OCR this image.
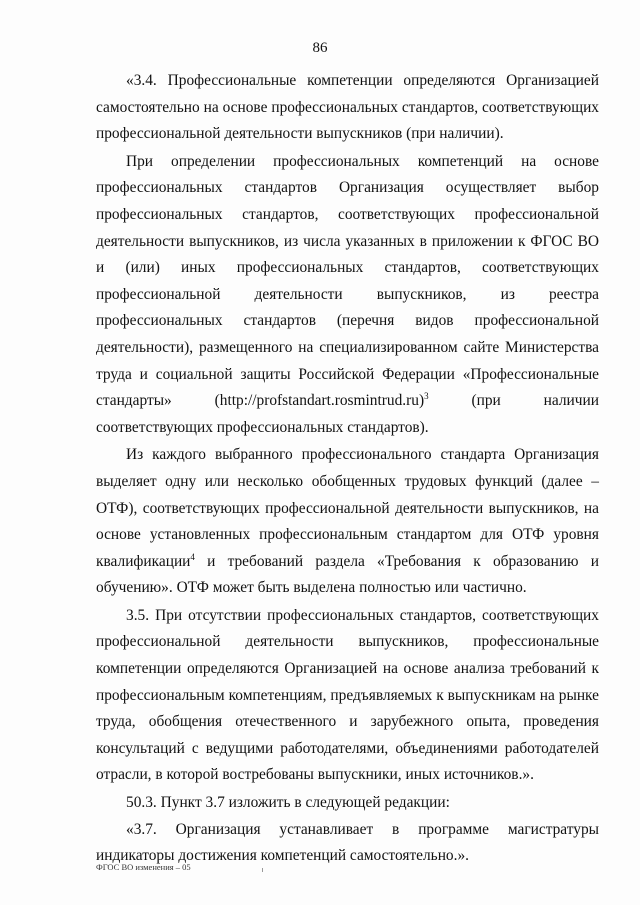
86

«3.4. Профессиональные компетенции определяются Организацией самостоятельно на основе профессиональных стандартов, соответствующих профессиональной деятельности выпускников (при наличии).

При определении профессиональных компетенций на основе профессиональных стандартов Организация осуществляет выбор профессиональных стандартов, соответствующих профессиональной деятельности выпускников, из числа указанных в приложении к ФГОС ВО и (или) иных профессиональных стандартов, соответствующих профессиональной деятельности выпускников, из реестра профессиональных стандартов (перечня видов профессиональной деятельности), размещенного на специализированном сайте Министерства труда и социальной защиты Российской Федерации «Профессиональные стандарты» (http://profstandart.rosmintrud.ru)$^3$ (при наличии соответствующих профессиональных стандартов).

Из каждого выбранного профессионального стандарта Организация выделяет одну или несколько обобщенных трудовых функций (далее – ОТФ), соответствующих профессиональной деятельности выпускников, на основе установленных профессиональным стандартом для ОТФ уровня квалификации$^4$ и требований раздела «Требования к образованию и обучению». ОТФ может быть выделена полностью или частично.

3.5. При отсутствии профессиональных стандартов, соответствующих профессиональной деятельности выпускников, профессиональные компетенции определяются Организацией на основе анализа требований к профессиональным компетенциям, предъявляемых к выпускникам на рынке труда, обобщения отечественного и зарубежного опыта, проведения консультаций с ведущими работодателями, объединениями работодателей отрасли, в которой востребованы выпускники, иных источников.».

50.3. Пункт 3.7 изложить в следующей редакции:

«3.7. Организация устанавливает в программе магистратуры индикаторы достижения компетенций самостоятельно.».

ФГОС ВО изменения – 05
